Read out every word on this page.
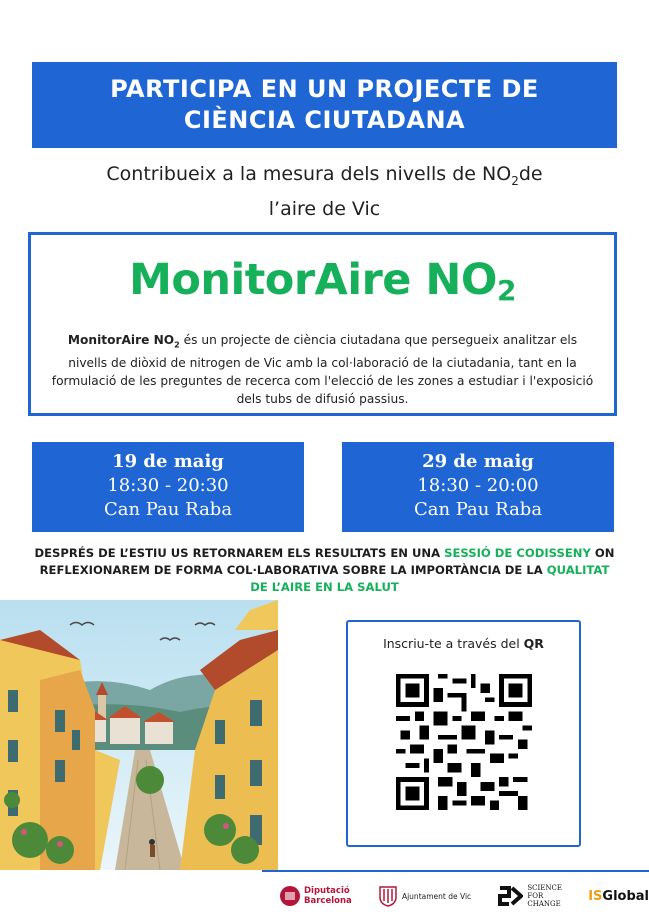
PARTICIPA EN UN PROJECTE DE
CIÈNCIA CIUTADANA
Contribueix a la mesura dels nivells de $NO_2de$
l’aire de Vic
MonitorAire $NO_2$
MonitorAire $NO_2$ és un projecte de ciència ciutadana que persegueix analitzar els nivells de diòxid de nitrogen de Vic amb la col·laboració de la ciutadania, tant en la formulació de les preguntes de recerca com l'elecció de les zones a estudiar i l'exposició dels tubs de difusió passius.
19 de maig
18:30 - 20:30
Can Pau Raba
29 de maig
18:30 - 20:00
Can Pau Raba
DESPRÉS DE L’ESTIU US RETORNAREM ELS RESULTATS EN UNA SESSIÓ DE CODISSENY ON REFLEXIONAREM DE FORMA COL·LABORATIVA SOBRE LA IMPORTÀNCIA DE LA QUALITAT DE L’AIRE EN LA SALUT
Inscriu-te a través del QR
Diputació
Barcelona	Ajuntament de Vic
SCIENCE
FOR
CHANGE
IS Global
